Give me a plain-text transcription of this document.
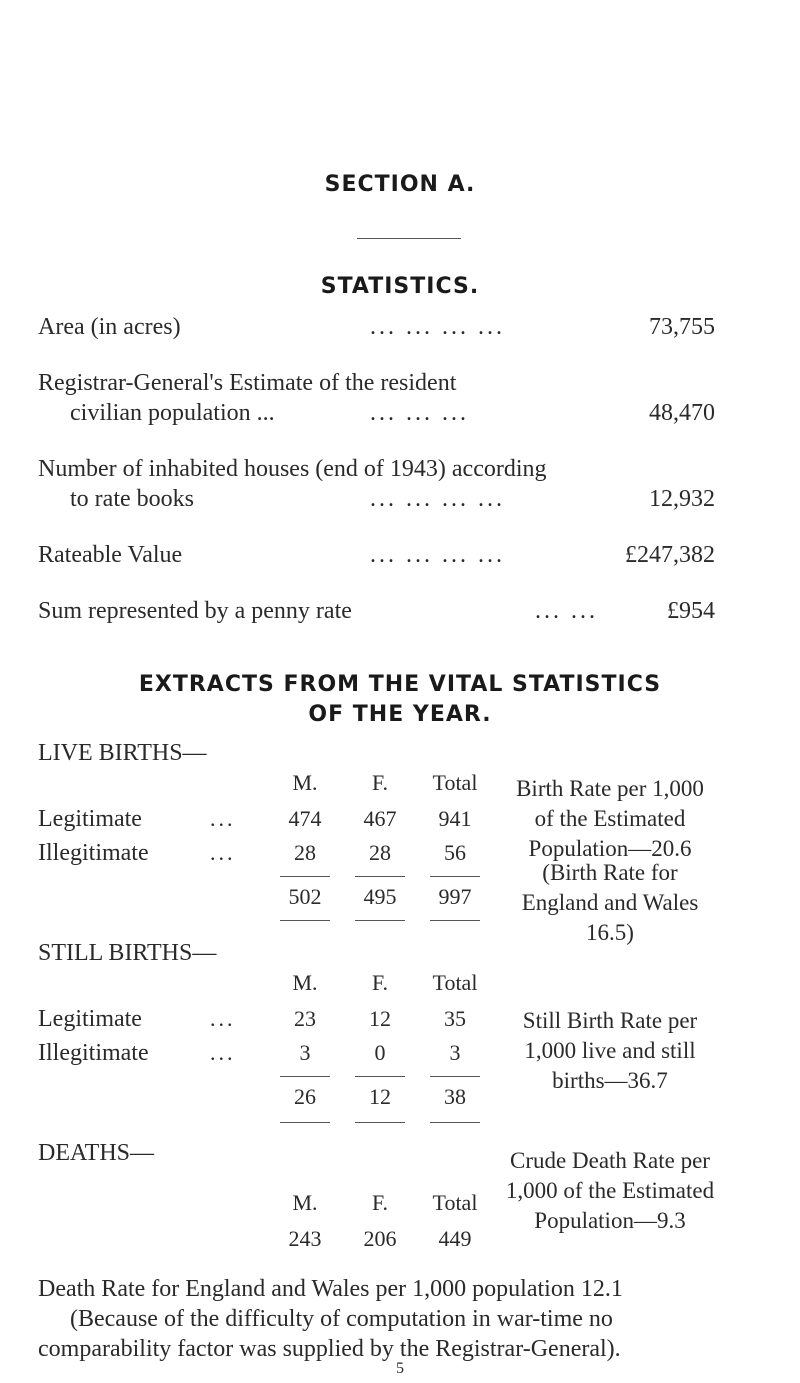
SECTION A.
STATISTICS.
Area (in acres)	... ... ... ...	73,755
Registrar-General's Estimate of the resident
civilian population ...	... ... ...	48,470
Number of inhabited houses (end of 1943) according
to rate books	... ... ... ...	12,932
Rateable Value	... ... ... ...	£247,382
Sum represented by a penny rate	... ...	£954
EXTRACTS FROM THE VITAL STATISTICS
OF THE YEAR.
LIVE BIRTHS—
M.	F.	Total
Legitimate	...	474	467	941
Illegitimate	...	28	28	56
502	495	997
Birth Rate per 1,000 of the Estimated Population—20.6
(Birth Rate for England and Wales 16.5)
STILL BIRTHS—
M.	F.	Total
Legitimate	...	23	12	35
Illegitimate	...	3	0	3
26	12	38
Still Birth Rate per 1,000 live and still births—36.7
DEATHS—
M.	F.	Total
243	206	449
Crude Death Rate per 1,000 of the Estimated Population—9.3
Death Rate for England and Wales per 1,000 population 12.1
(Because of the difficulty of computation in war-time no
comparability factor was supplied by the Registrar-General).
5
